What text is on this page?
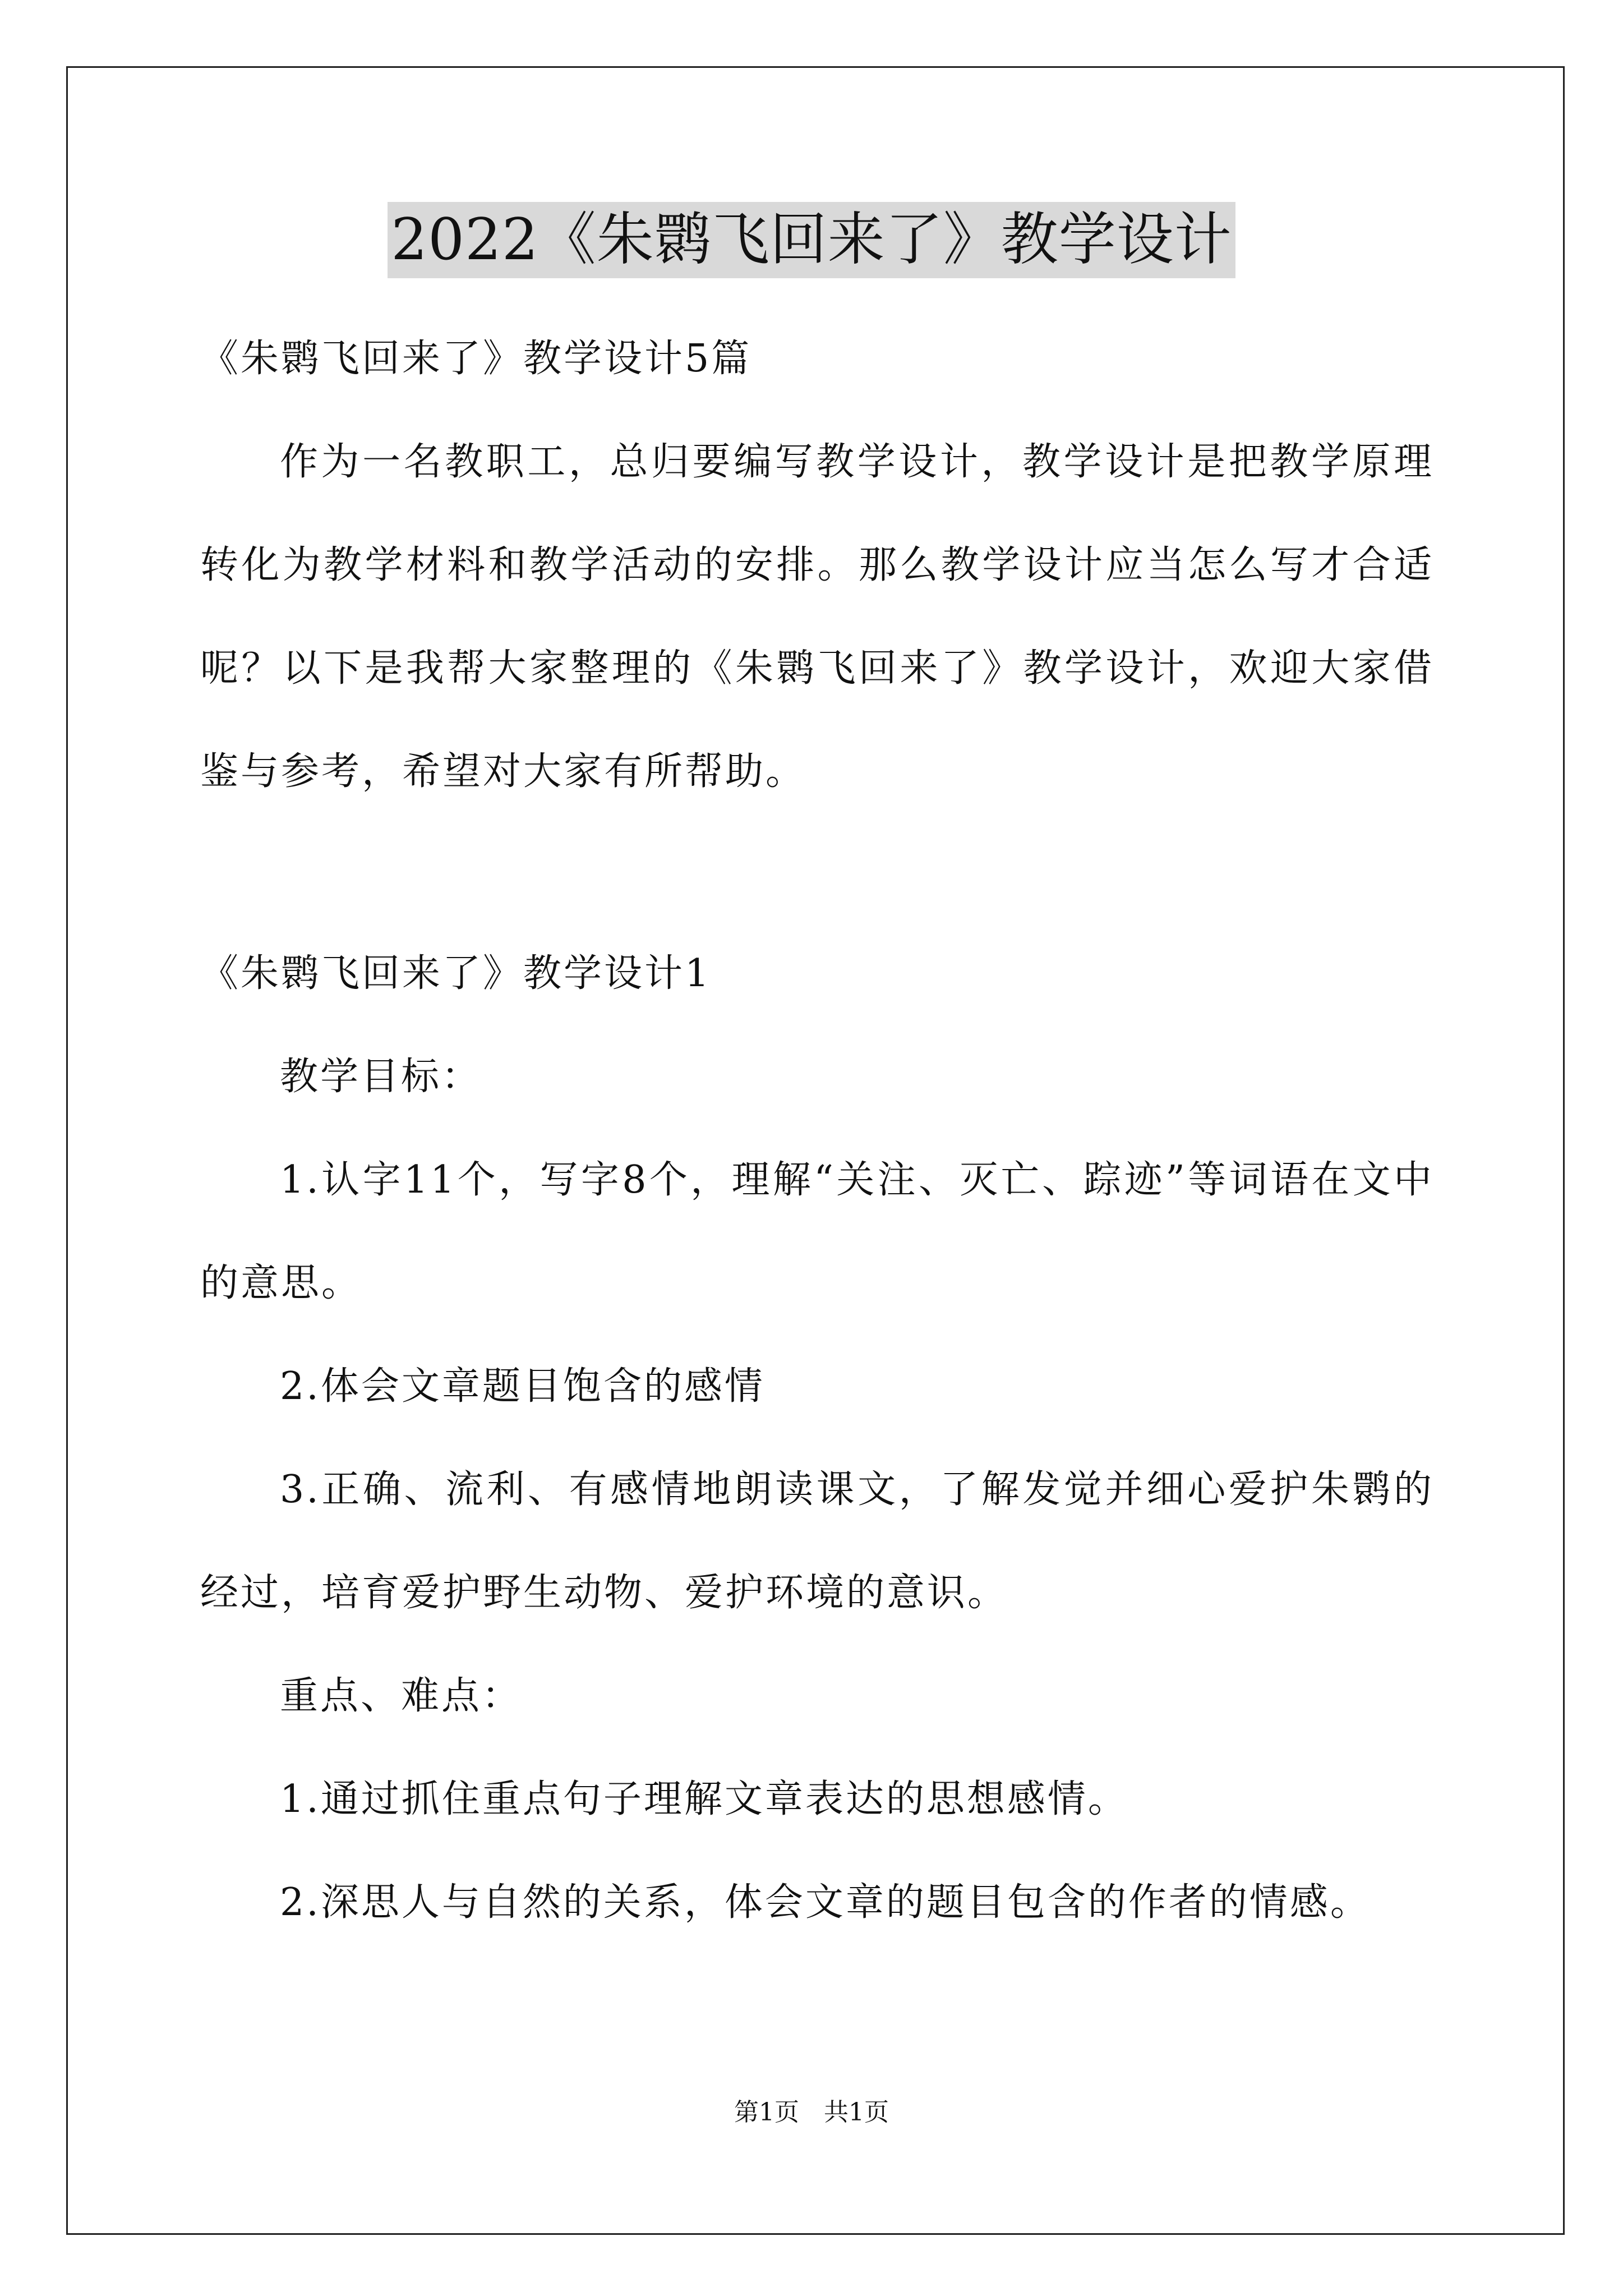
2022《朱鹮飞回来了》教学设计

《朱鹮飞回来了》教学设计5篇

作为一名教职工，总归要编写教学设计，教学设计是把教学原理转化为教学材料和教学活动的安排。那么教学设计应当怎么写才合适呢？以下是我帮大家整理的《朱鹮飞回来了》教学设计，欢迎大家借鉴与参考，希望对大家有所帮助。

《朱鹮飞回来了》教学设计1

教学目标：

1.认字11个，写字8个，理解“关注、灭亡、踪迹”等词语在文中的意思。

2.体会文章题目饱含的感情

3.正确、流利、有感情地朗读课文，了解发觉并细心爱护朱鹮的经过，培育爱护野生动物、爱护环境的意识。

重点、难点：

1.通过抓住重点句子理解文章表达的思想感情。

2.深思人与自然的关系，体会文章的题目包含的作者的情感。

第1页　共1页
